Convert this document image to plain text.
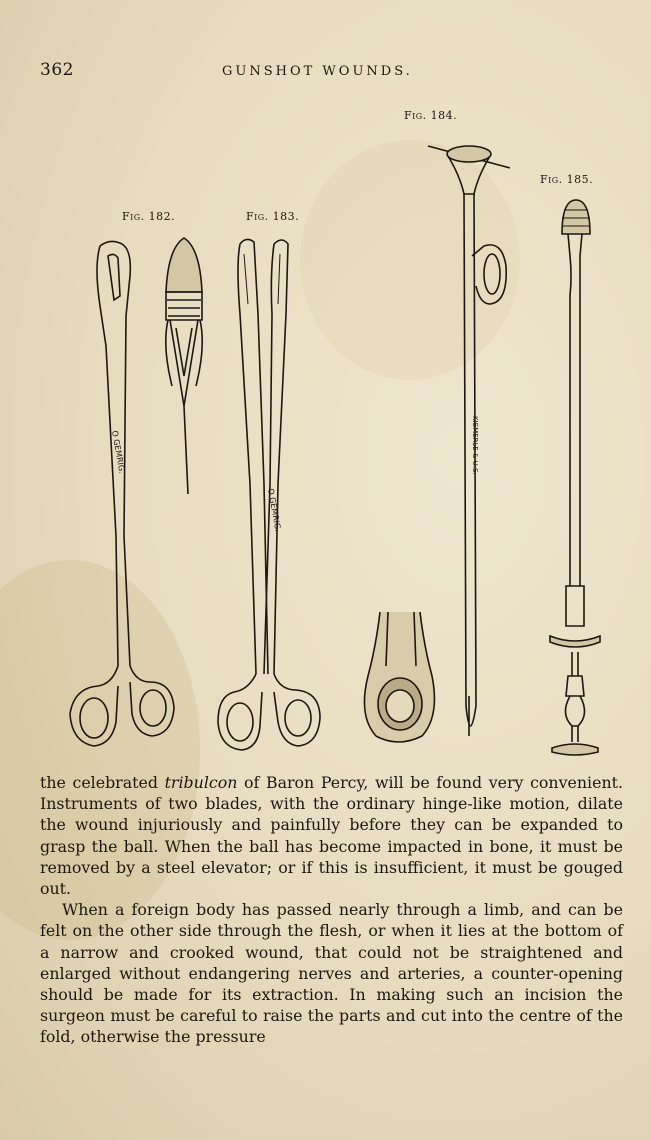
362	GUNSHOT WOUNDS.
Fig. 182.	Fig. 183.
Fig. 184.
Fig. 185.
O GEMRIG.
O GEMRIG.
KIEMERLE & U.S.

the celebrated tribulcon of Baron Percy, will be found very convenient. Instruments of two blades, with the ordinary hinge-like motion, dilate the wound injuriously and painfully before they can be expanded to grasp the ball. When the ball has become impacted in bone, it must be removed by a steel elevator; or if this is insufficient, it must be gouged out.

When a foreign body has passed nearly through a limb, and can be felt on the other side through the flesh, or when it lies at the bottom of a narrow and crooked wound, that could not be straightened and enlarged without endangering nerves and arteries, a counter-opening should be made for its extraction. In making such an incision the surgeon must be careful to raise the parts and cut into the centre of the fold, otherwise the pressure
